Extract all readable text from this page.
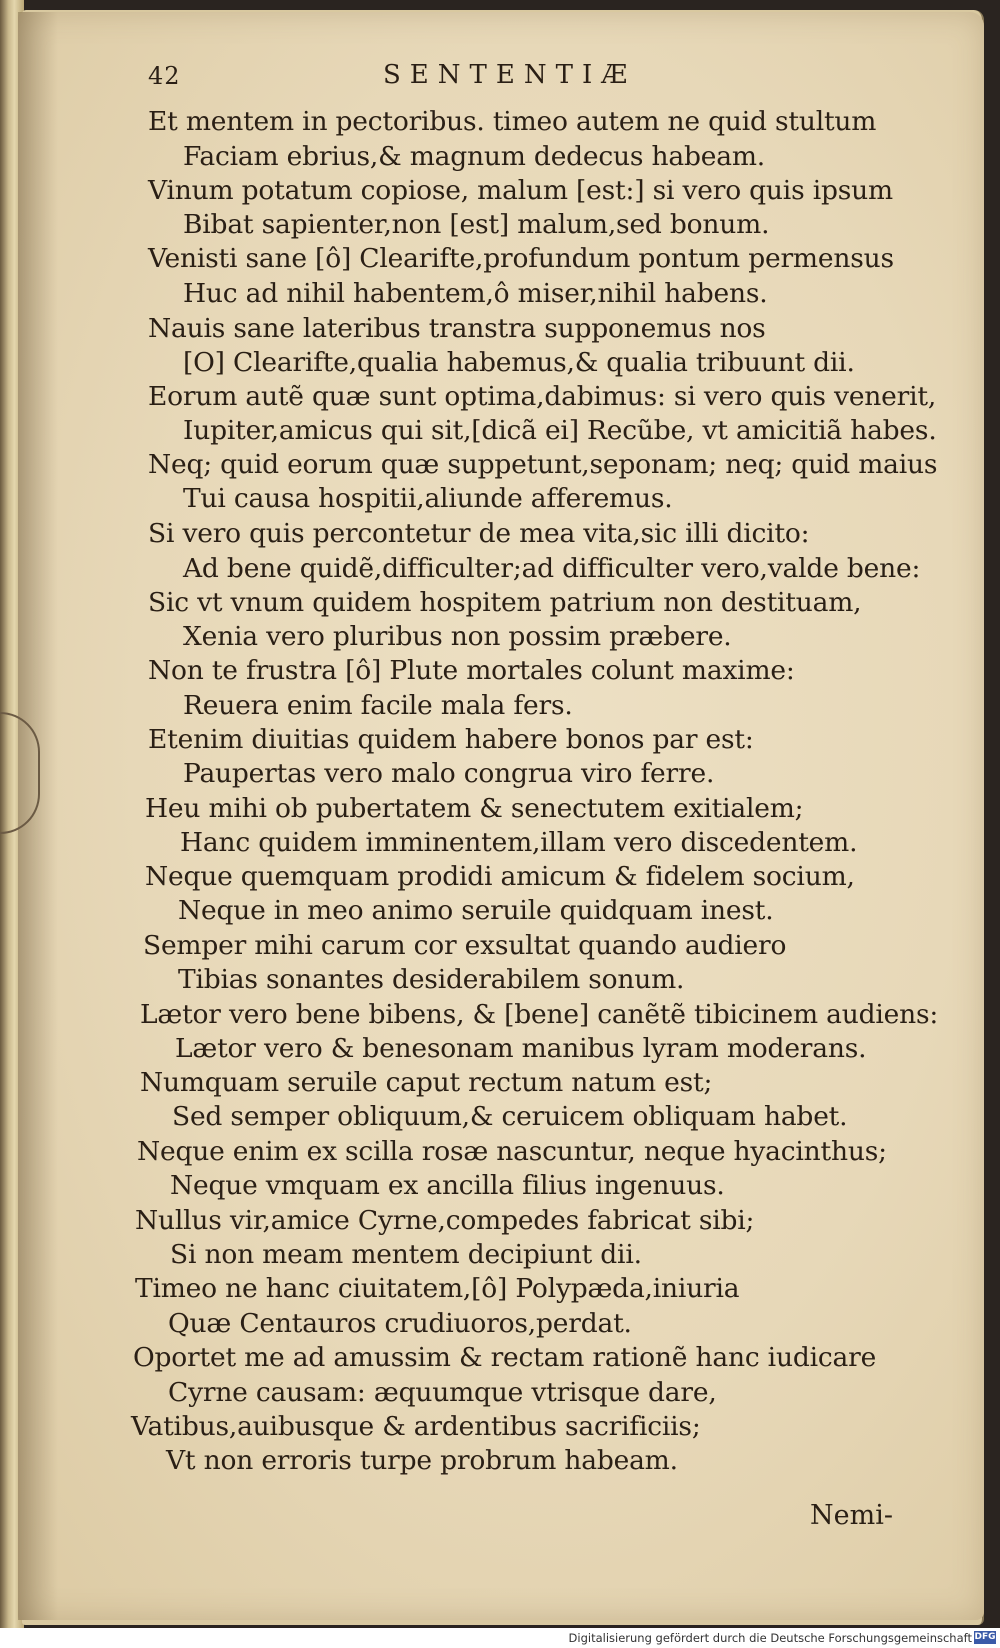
42	SENTENTIÆ
Et mentem in pectoribus. timeo autem ne quid stultum
Faciam ebrius,& magnum dedecus habeam.
Vinum potatum copiose, malum [est:] si vero quis ipsum
Bibat sapienter,non [est] malum,sed bonum.
Venisti sane [ô] Clearifte,profundum pontum permensus
Huc ad nihil habentem,ô miser,nihil habens.
Nauis sane lateribus transtra supponemus nos
[O] Clearifte,qualia habemus,& qualia tribuunt dii.
Eorum autẽ quæ sunt optima,dabimus: si vero quis venerit,
Iupiter,amicus qui sit,[dicã ei] Recũbe, vt amicitiã habes.
Neq; quid eorum quæ suppetunt,seponam; neq; quid maius
Tui causa hospitii,aliunde afferemus.
Si vero quis percontetur de mea vita,sic illi dicito:
Ad bene quidẽ,difficulter;ad difficulter vero,valde bene:
Sic vt vnum quidem hospitem patrium non destituam,
Xenia vero pluribus non possim præbere.
Non te frustra [ô] Plute mortales colunt maxime:
Reuera enim facile mala fers.
Etenim diuitias quidem habere bonos par est:
Paupertas vero malo congrua viro ferre.
Heu mihi ob pubertatem & senectutem exitialem;
Hanc quidem imminentem,illam vero discedentem.
Neque quemquam prodidi amicum & fidelem socium,
Neque in meo animo seruile quidquam inest.
Semper mihi carum cor exsultat quando audiero
Tibias sonantes desiderabilem sonum.
Lætor vero bene bibens, & [bene] canẽtẽ tibicinem audiens:
Lætor vero & benesonam manibus lyram moderans.
Numquam seruile caput rectum natum est;
Sed semper obliquum,& ceruicem obliquam habet.
Neque enim ex scilla rosæ nascuntur, neque hyacinthus;
Neque vmquam ex ancilla filius ingenuus.
Nullus vir,amice Cyrne,compedes fabricat sibi;
Si non meam mentem decipiunt dii.
Timeo ne hanc ciuitatem,[ô] Polypæda,iniuria
Quæ Centauros crudiuoros,perdat.
Oportet me ad amussim & rectam rationẽ hanc iudicare
Cyrne causam: æquumque vtrisque dare,
Vatibus,auibusque & ardentibus sacrificiis;
Vt non erroris turpe probrum habeam.
Nemi-
Digitalisierung gefördert durch die Deutsche Forschungsgemeinschaft DFG
